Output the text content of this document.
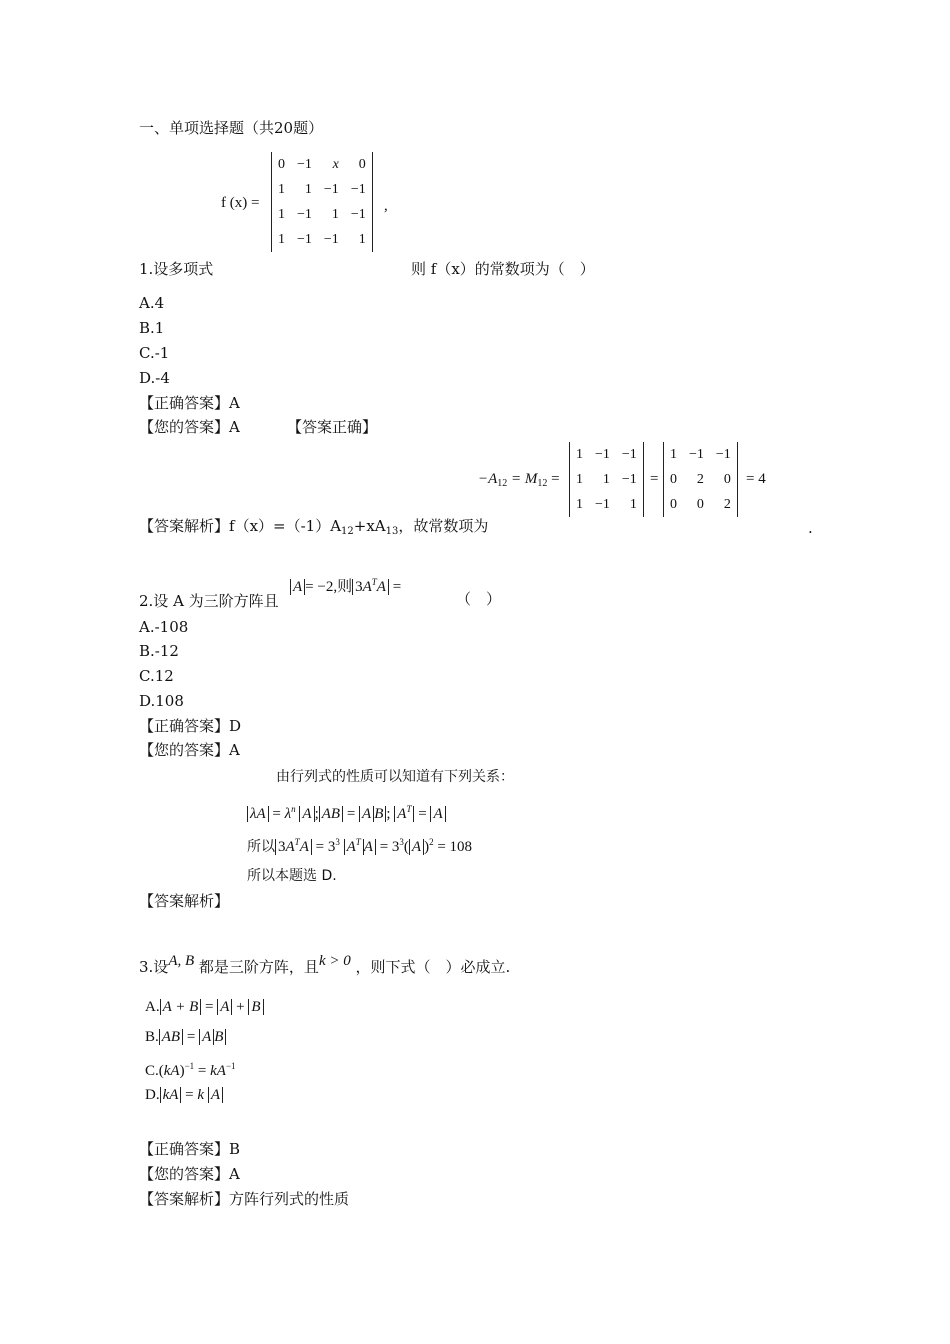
一、单项选择题（共20题）
f (x) =
0	−1	x	0
1	1	−1	−1
1	−1	1	−1
1	−1	−1	1
,
1.设多项式	则 f（x）的常数项为（　）
A.4
B.1
C.-1
D.-4
【正确答案】A
【您的答案】A	【答案正确】
$-A_{12} = M_{12}$ =
1	−1	−1
1	1	−1
1	−1	1
=
1	−1	−1
0	2	0
0	0	2
= 4
【答案解析】$f(x)=(-1)A_{12}+xA_{13}$，故常数项为	.
A = −2,则 $3A^TA$ =
2.设 A 为三阶方阵且	（　）
A.-108
B.-12
C.12
D.108
【正确答案】D
【您的答案】A
由行列式的性质可以知道有下列关系：
$\lambda A = \lambda^n$ A ; AB = A B ; $A^T = A$
所以 $3A^TA = 3^3$ $A^T$ $A = 3^3$( A )$^2$ = 108
所以本题选 D.
【答案解析】
3.设A, B 都是三阶方阵，且k > 0 ，则下式（　）必成立.
A. A + B = A + B
B. AB = A B
$C.(kA)^{-1} = kA^{-1}$
D. kA = k A
【正确答案】B
【您的答案】A
【答案解析】方阵行列式的性质
